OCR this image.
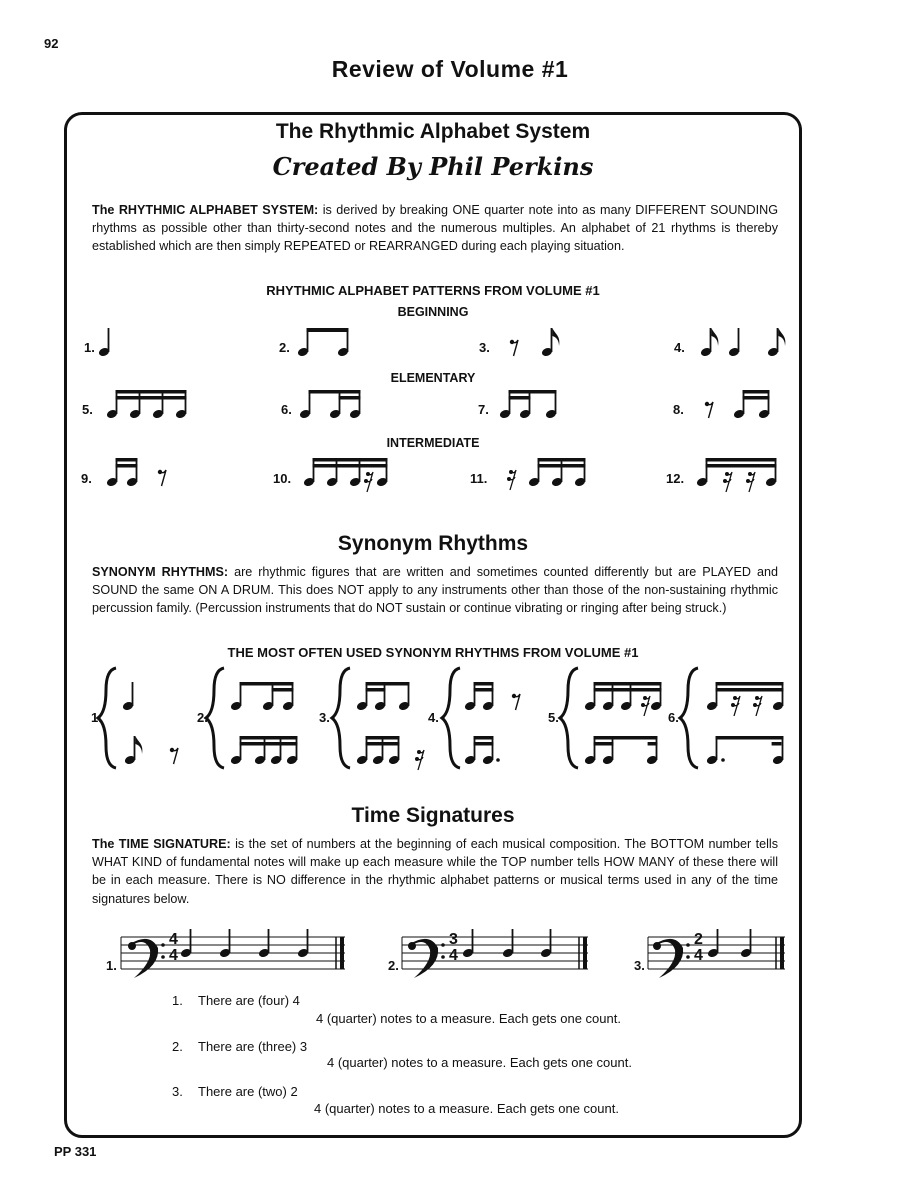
92
Review of Volume #1
The Rhythmic Alphabet System
Created By Phil Perkins
The RHYTHMIC ALPHABET SYSTEM: is derived by breaking ONE quarter note into as many DIFFERENT SOUNDING rhythms as possible other than thirty-second notes and the numerous multiples. An alphabet of 21 rhythms is thereby established which are then simply REPEATED or REARRANGED during each playing situation.
RHYTHMIC ALPHABET PATTERNS FROM VOLUME #1
BEGINNING
ELEMENTARY
INTERMEDIATE
1.	2.	3.	4.
5.	6.	7.	8.
9.	10.	11.	12.
4
4
3
4
2
4
Synonym Rhythms
SYNONYM RHYTHMS: are rhythmic figures that are written and sometimes counted differently but are PLAYED and SOUND the same ON A DRUM. This does NOT apply to any instruments other than those of the non-sustaining rhythmic percussion family. (Percussion instruments that do NOT sustain or continue vibrating or ringing after being struck.)
THE MOST OFTEN USED SYNONYM RHYTHMS FROM VOLUME #1
1.	2.	3.	4.	5.	6.
Time Signatures
The TIME SIGNATURE: is the set of numbers at the beginning of each musical composition. The BOTTOM number tells WHAT KIND of fundamental notes will make up each measure while the TOP number tells HOW MANY of these there will be in each measure. There is NO difference in the rhythmic alphabet patterns or musical terms used in any of the time signatures below.
1.	2.	3.
1. There are (four) 4
4 (quarter) notes to a measure. Each gets one count.
2. There are (three) 3
4 (quarter) notes to a measure. Each gets one count.
3. There are (two) 2
4 (quarter) notes to a measure. Each gets one count.
PP 331
